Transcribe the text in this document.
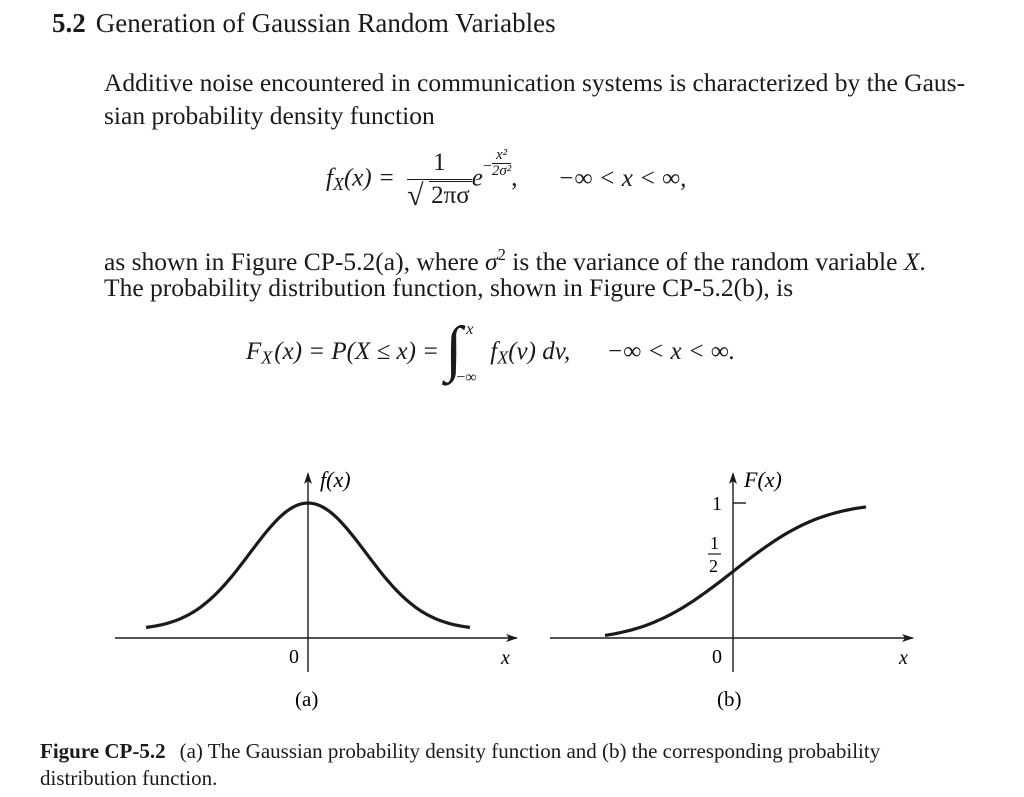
5.2 Generation of Gaussian Random Variables
Additive noise encountered in communication systems is characterized by the Gaus-
sian probability density function
$f_X(x) = \frac{1}{√ 2\pi\sigma} e^- \frac{\text{x²}}{\text{2σ²}}$ , −∞ < x < ∞,
as shown in Figure CP-5.2(a), where $\sigma^2$ is the variance of the random variable X.
The probability distribution function, shown in Figure CP-5.2(b), is
$F_X(x) = P(X \le x)$ = ∫ x
−∞
$f_X(v)$ dv, −∞ < x < ∞.
f(x)
0	x
(a)
F(x)
1
1
2
0	x
(b)
Figure CP-5.2 (a) The Gaussian probability density function and (b) the corresponding probability distribution function.
